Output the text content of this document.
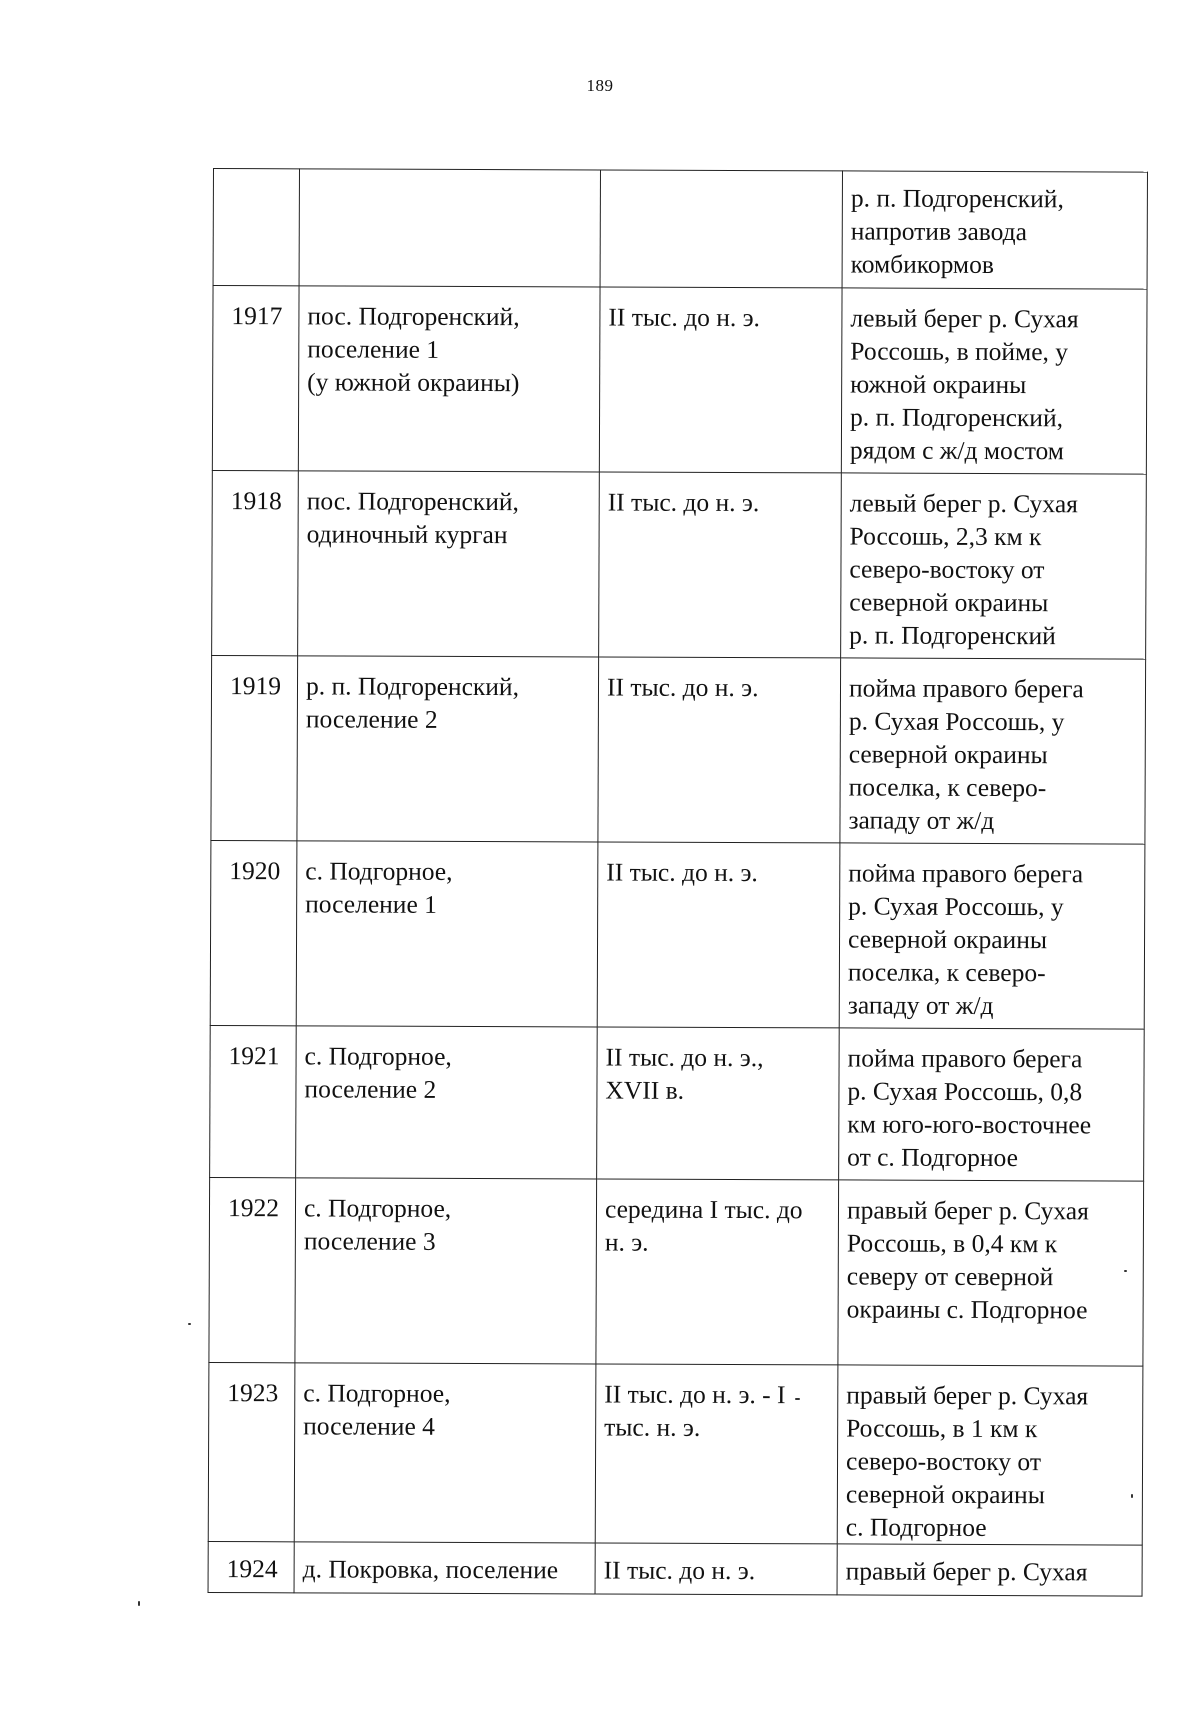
189
			р. п. Подгоренский,
напротив завода
комбикормов
1917	пос. Подгоренский,
поселение 1
(у южной окраины)	II тыс. до н. э.	левый берег р. Сухая
Россошь, в пойме, у
южной окраины
р. п. Подгоренский,
рядом с ж/д мостом
1918	пос. Подгоренский,
одиночный курган	II тыс. до н. э.	левый берег р. Сухая
Россошь, 2,3 км к
северо-востоку от
северной окраины
р. п. Подгоренский
1919	р. п. Подгоренский,
поселение 2	II тыс. до н. э.	пойма правого берега
р. Сухая Россошь, у
северной окраины
поселка, к северо-
западу от ж/д
1920	с. Подгорное,
поселение 1	II тыс. до н. э.	пойма правого берега
р. Сухая Россошь, у
северной окраины
поселка, к северо-
западу от ж/д
1921	с. Подгорное,
поселение 2	II тыс. до н. э.,
XVII в.	пойма правого берега
р. Сухая Россошь, 0,8
км юго-юго-восточнее
от с. Подгорное
1922	с. Подгорное,
поселение 3	середина I тыс. до
н. э.	правый берег р. Сухая
Россошь, в 0,4 км к
северу от северной
окраины с. Подгорное
1923	с. Подгорное,
поселение 4	II тыс. до н. э. - I
тыс. н. э.	правый берег р. Сухая
Россошь, в 1 км к
северо-востоку от
северной окраины
с. Подгорное
1924	д. Покровка, поселение	II тыс. до н. э.	правый берег р. Сухая
